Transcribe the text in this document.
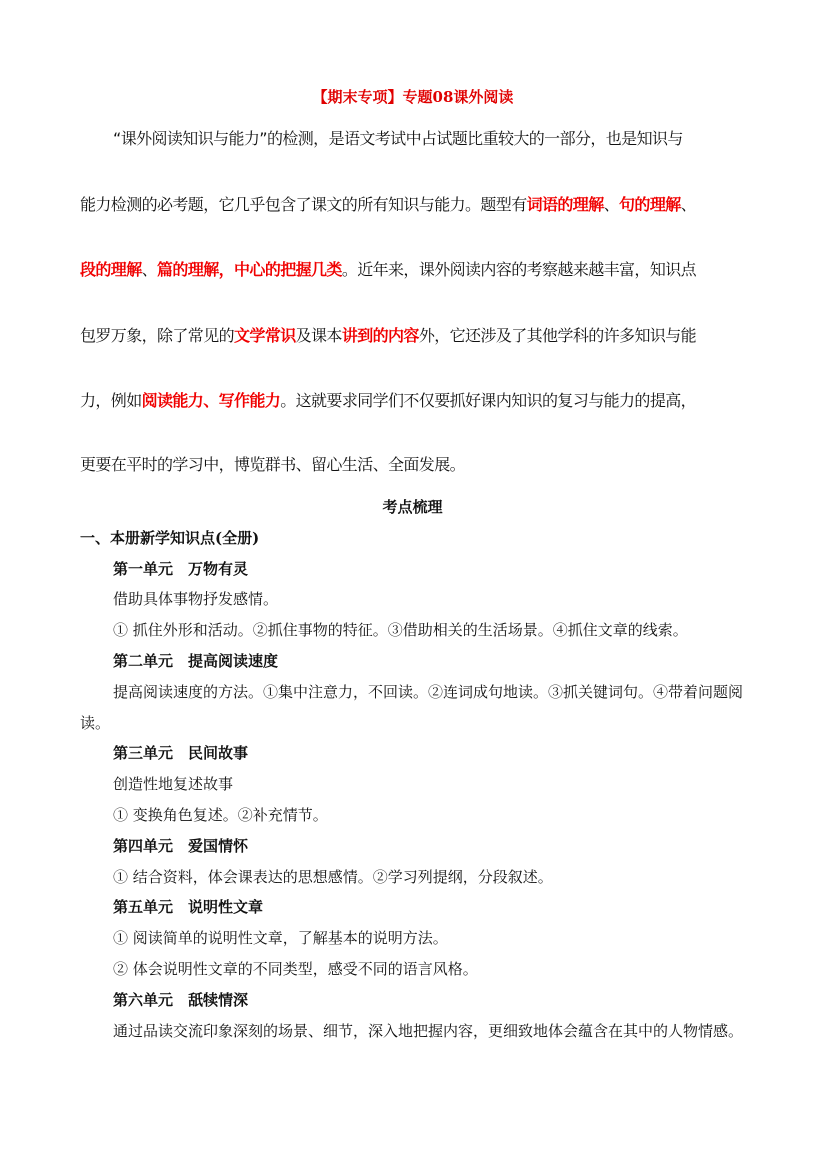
【期末专项】专题08课外阅读
“课外阅读知识与能力”的检测，是语文考试中占试题比重较大的一部分，也是知识与
能力检测的必考题，它几乎包含了课文的所有知识与能力。题型有词语的理解、句的理解、
段的理解、篇的理解，中心的把握几类。近年来，课外阅读内容的考察越来越丰富，知识点
包罗万象，除了常见的文学常识及课本讲到的内容外，它还涉及了其他学科的许多知识与能
力，例如阅读能力、写作能力。这就要求同学们不仅要抓好课内知识的复习与能力的提高，
更要在平时的学习中，博览群书、留心生活、全面发展。
考点梳理
一、本册新学知识点(全册)
第一单元　万物有灵
借助具体事物抒发感情。
① 抓住外形和活动。②抓住事物的特征。③借助相关的生活场景。④抓住文章的线索。
第二单元　提高阅读速度
提高阅读速度的方法。①集中注意力，不回读。②连词成句地读。③抓关键词句。④带着问题阅读。
第三单元　民间故事
创造性地复述故事
① 变换角色复述。②补充情节。
第四单元　爱国情怀
① 结合资料，体会课表达的思想感情。②学习列提纲，分段叙述。
第五单元　说明性文章
① 阅读简单的说明性文章，了解基本的说明方法。
② 体会说明性文章的不同类型，感受不同的语言风格。
第六单元　舐犊情深
通过品读交流印象深刻的场景、细节，深入地把握内容，更细致地体会蕴含在其中的人物情感。
